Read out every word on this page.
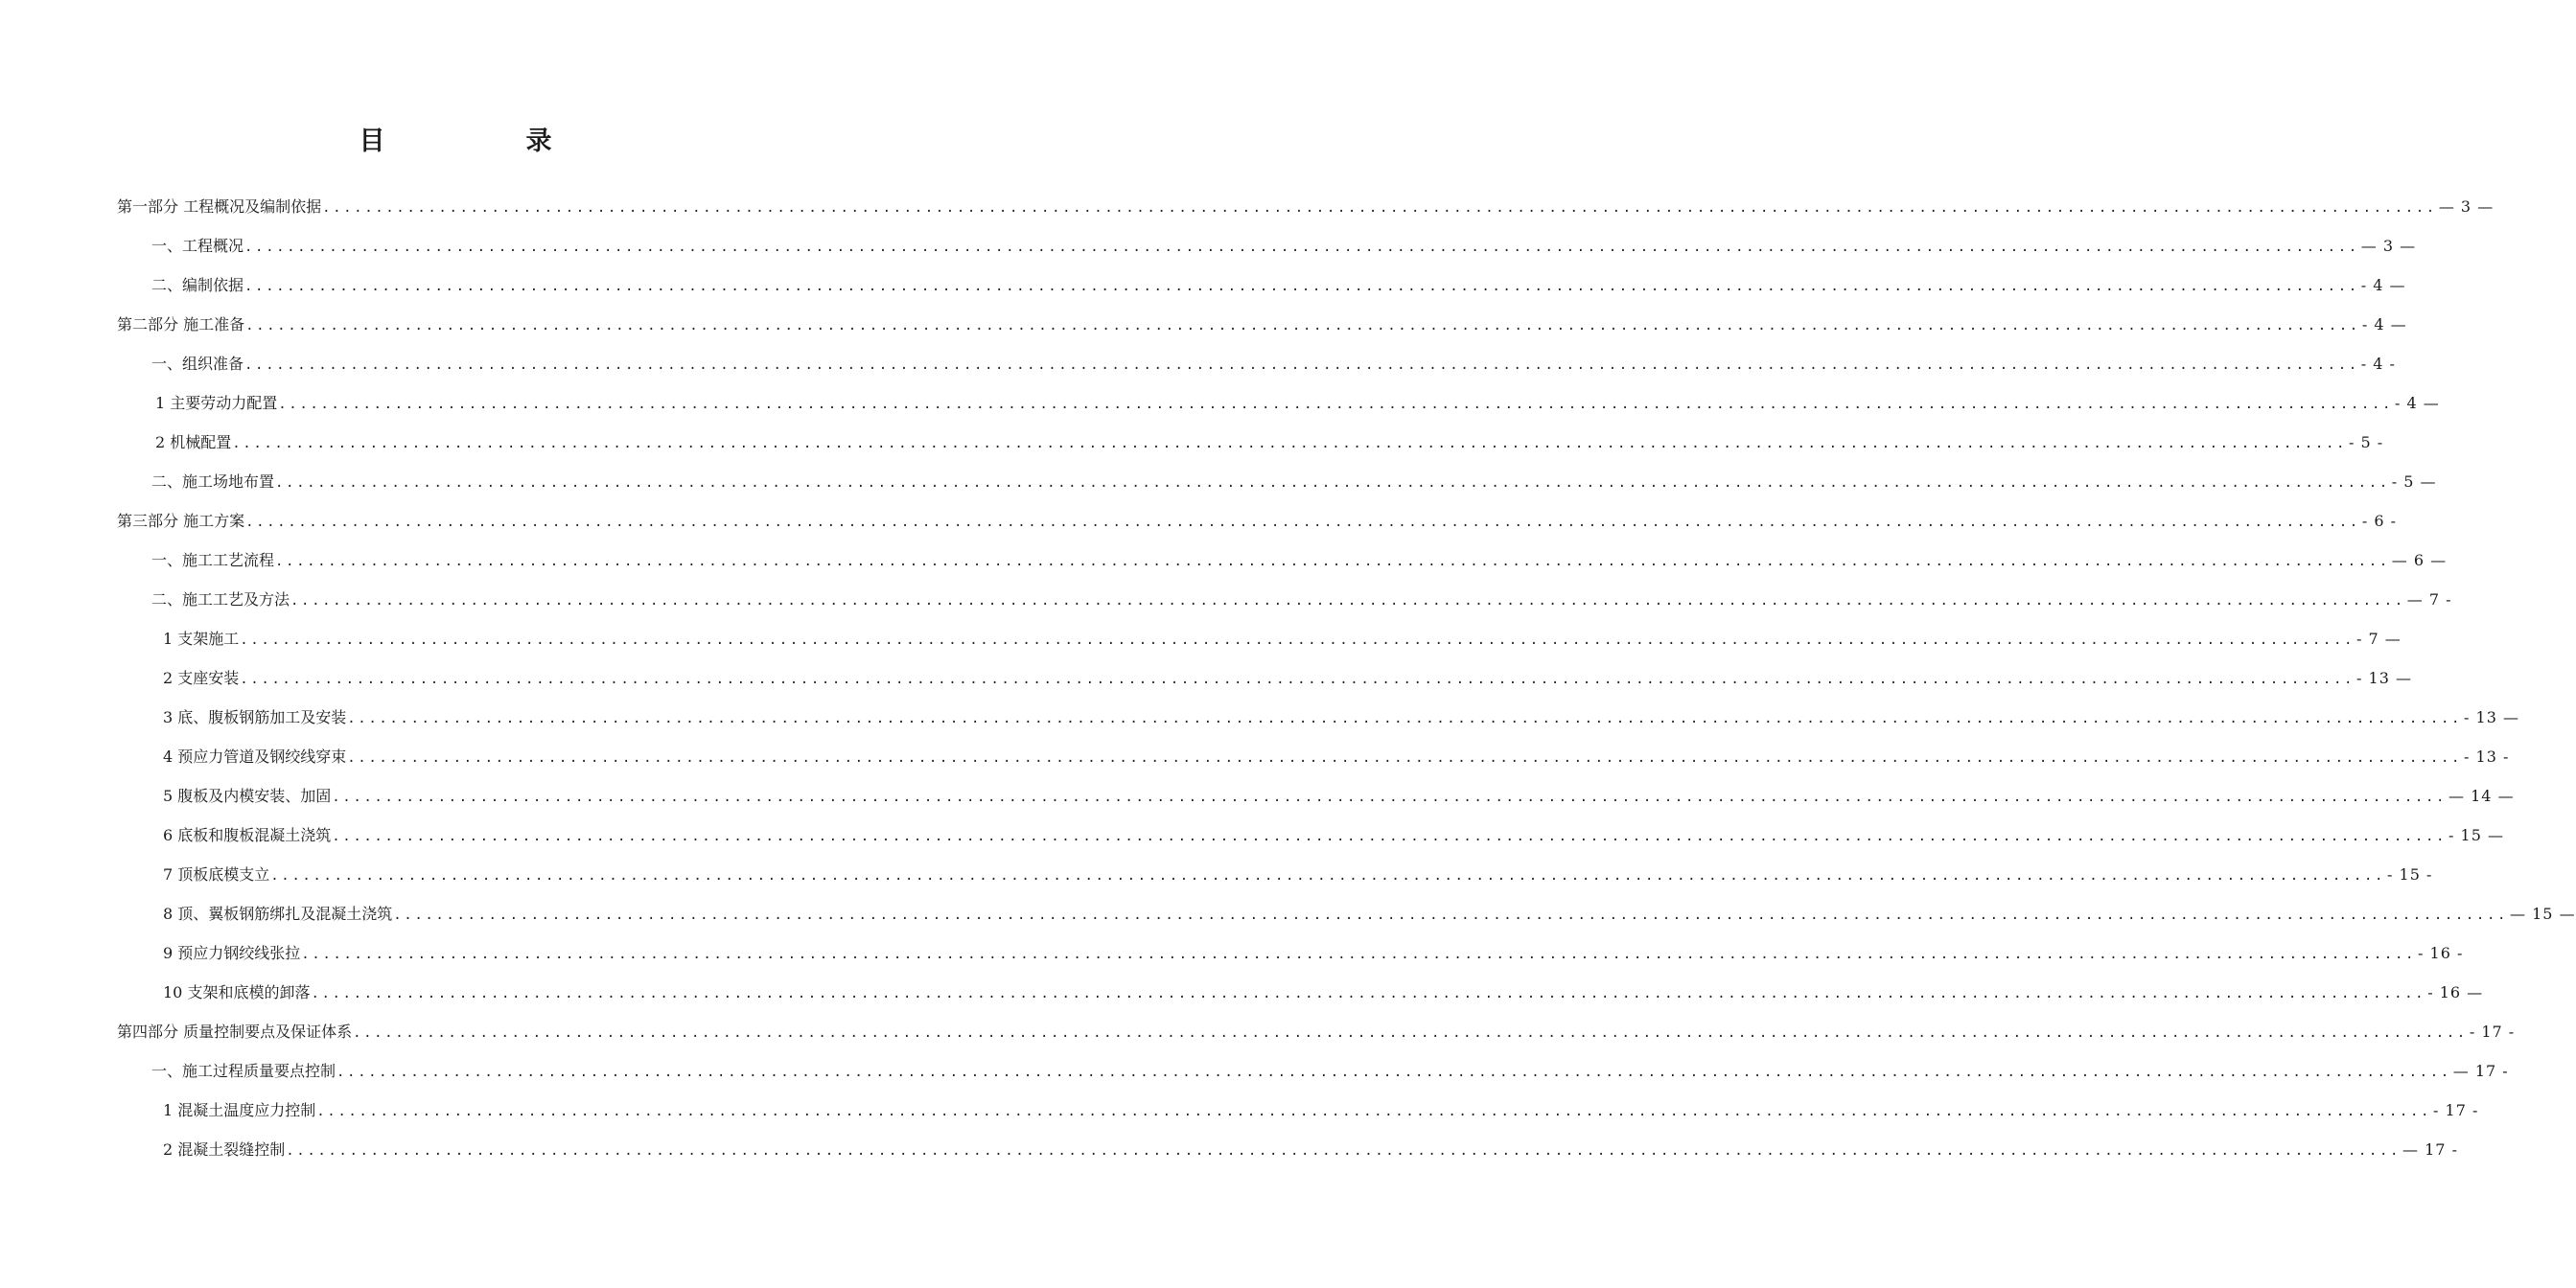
目　录
第一部分 工程概况及编制依据 ........................................................................................................................................................................................................ — 3 —
一、工程概况 ........................................................................................................................................................................................................ — 3 —
二、编制依据 ........................................................................................................................................................................................................ - 4 —
第二部分 施工准备 ........................................................................................................................................................................................................ - 4 —
一、组织准备 ........................................................................................................................................................................................................ - 4 -
1 主要劳动力配置 ........................................................................................................................................................................................................ - 4 —
2 机械配置 ........................................................................................................................................................................................................ - 5 -
二、施工场地布置 ........................................................................................................................................................................................................ - 5 —
第三部分 施工方案 ........................................................................................................................................................................................................ - 6 -
一、施工工艺流程 ........................................................................................................................................................................................................ — 6 —
二、施工工艺及方法 ........................................................................................................................................................................................................ — 7 -
1 支架施工 ........................................................................................................................................................................................................ - 7 —
2 支座安装 ........................................................................................................................................................................................................ - 13 —
3 底、腹板钢筋加工及安装 ........................................................................................................................................................................................................ - 13 —
4 预应力管道及钢绞线穿束 ........................................................................................................................................................................................................ - 13 -
5 腹板及内模安装、加固 ........................................................................................................................................................................................................ — 14 —
6 底板和腹板混凝土浇筑 ........................................................................................................................................................................................................ - 15 —
7 顶板底模支立 ........................................................................................................................................................................................................ - 15 -
8 顶、翼板钢筋绑扎及混凝土浇筑 ........................................................................................................................................................................................................ — 15 —
9 预应力钢绞线张拉 ........................................................................................................................................................................................................ - 16 -
10 支架和底模的卸落 ........................................................................................................................................................................................................ - 16 —
第四部分 质量控制要点及保证体系 ........................................................................................................................................................................................................ - 17 -
一、施工过程质量要点控制 ........................................................................................................................................................................................................ — 17 -
1 混凝土温度应力控制 ........................................................................................................................................................................................................ - 17 -
2 混凝土裂缝控制 ........................................................................................................................................................................................................ — 17 -
